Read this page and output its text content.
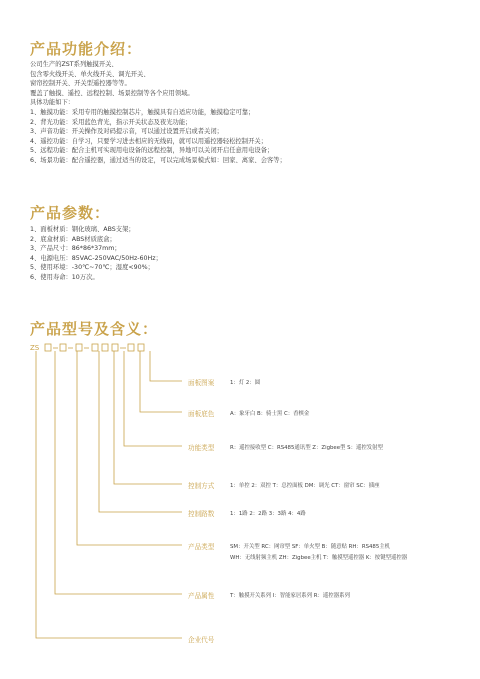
产品功能介绍：
公司生产的ZST系列触摸开关、
包含零火线开关、单火线开关、调光开关、
窗帘控制开关、开关型遥控器等等。
覆盖了触摸、遥控、远程控制、场景控制等各个应用领域。
具体功能如下：
1、触摸功能：采用专用的触摸控制芯片，触摸具有自适应功能，触摸稳定可靠；
2、背光功能：采用蓝色背光，指示开关状态及夜光功能；
3、声音功能：开关操作及对码提示音，可以通过设置开启或者关闭；
4、遥控功能：自学习，只要学习进去相应的无线码，就可以用遥控器轻松控制开关；
5、远程功能：配合主机可实现用电设备的远程控制，异地可以关闭开启任意用电设备；
6、场景功能：配合遥控器，通过适当的设定，可以完成场景模式如：回家、离家、会客等；
产品参数：
1、面板材质：钢化玻璃、ABS支架；
2、底盒材质：ABS材质底盒；
3、产品尺寸：86*86*37mm；
4、电源电压：85VAC-250VAC/50Hz-60Hz；
5、使用环境：-30℃~70℃；湿度<90%；
6、使用寿命：10万次。
产品型号及含义：
ZS
面板图案	1：灯 2：圆
面板底色	A：象牙白 B：骑士黑 C：香槟金
功能类型	R：遥控接收型 C：RS485通讯型 Z：Zigbee型 S：遥控发射型
控制方式	1：单控 2：双控 T：总控面板 DM：调光 CT：窗帘 SC：插座
控制路数	1：1路 2：2路 3：3路 4：4路
产品类型	SM：开关型 RC：网帘型 SF：单火型 B：随意贴 RH：RS485主机
WH：无线射频主机 ZH：Zigbee主机 T：触摸型遥控器 K：按键型遥控器
产品属性	T：触摸开关系列 I：智能家居系列 R：遥控器系列
企业代号
